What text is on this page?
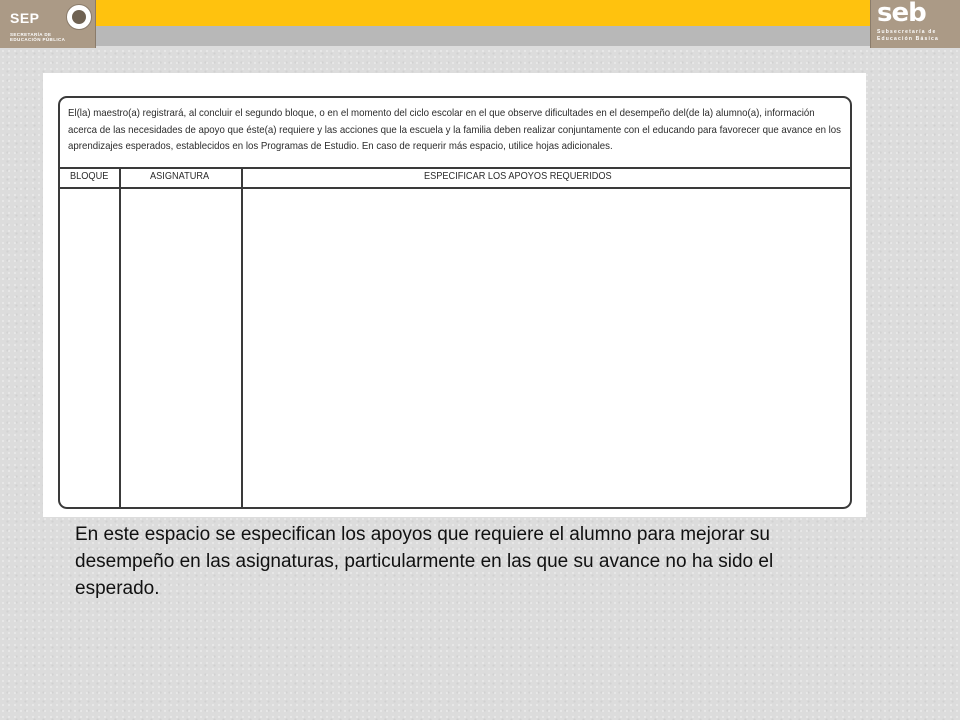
SEP
SECRETARÍA DE
EDUCACIÓN PÚBLICA
seb
Subsecretaría de
Educación Básica
El(la) maestro(a) registrará, al concluir el segundo bloque, o en el momento del ciclo escolar en el que observe dificultades en el desempeño del(de la) alumno(a), información acerca de las necesidades de apoyo que éste(a) requiere y las acciones que la escuela y la familia deben realizar conjuntamente con el educando para favorecer que avance en los aprendizajes esperados, establecidos en los Programas de Estudio. En caso de requerir más espacio, utilice hojas adicionales.
BLOQUE	ASIGNATURA	ESPECIFICAR LOS APOYOS REQUERIDOS
En este espacio se especifican los apoyos que requiere el alumno para mejorar su desempeño en las asignaturas, particularmente en las que su avance no ha sido el esperado.
